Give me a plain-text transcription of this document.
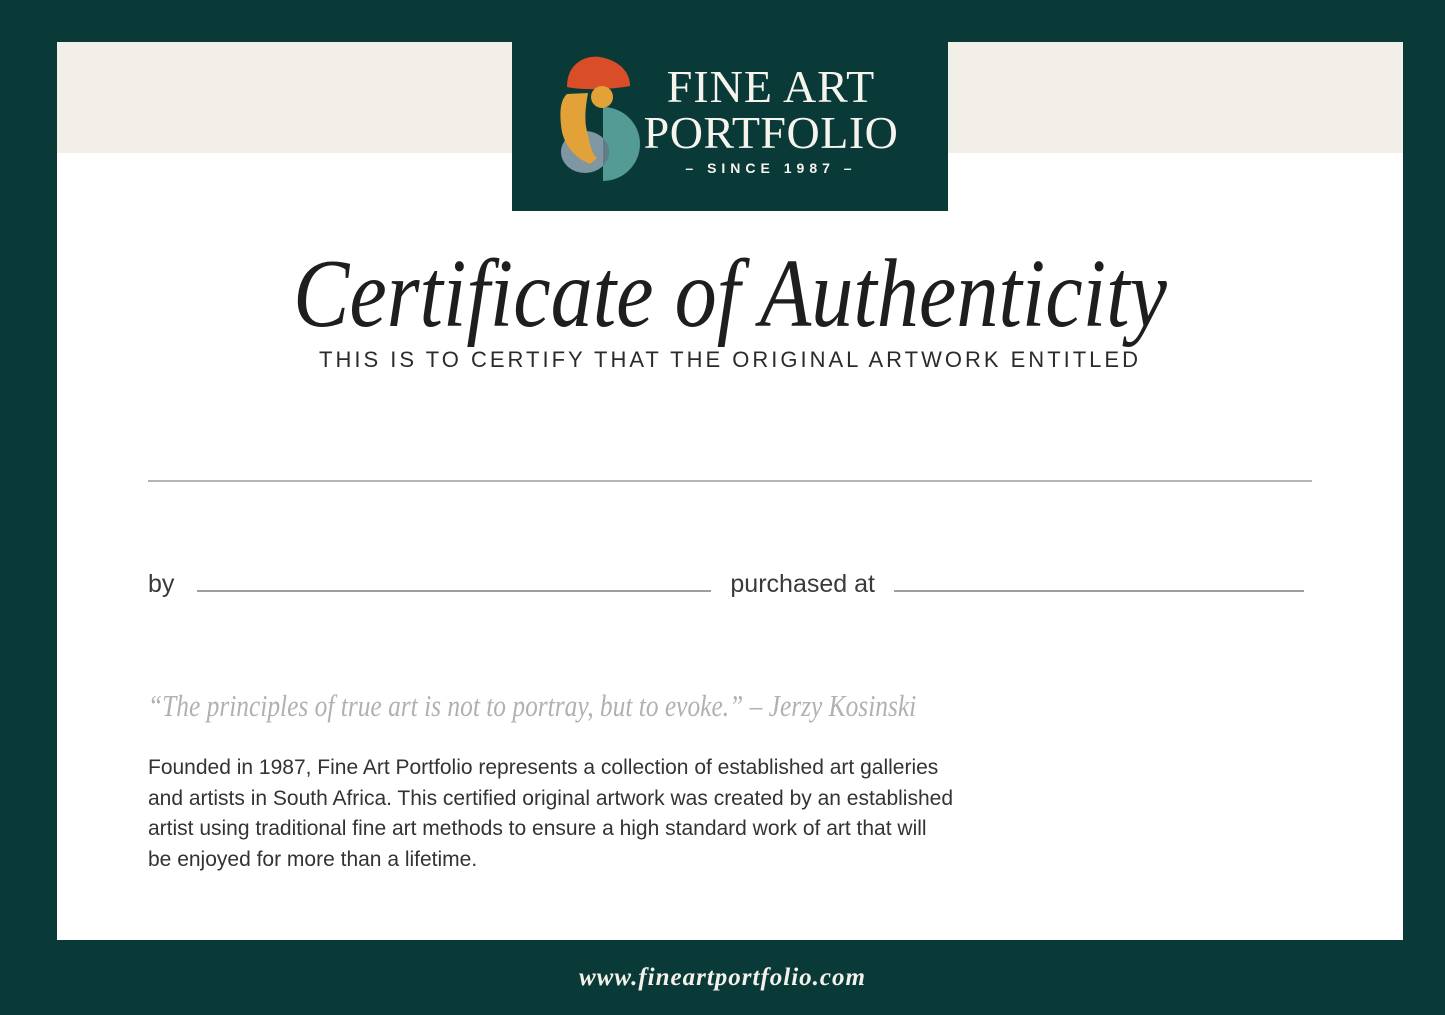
FINE ART
PORTFOLIO
– SINCE 1987 –
Certificate of Authenticity
THIS IS TO CERTIFY THAT THE ORIGINAL ARTWORK ENTITLED
by	purchased at
“The principles of true art is not to portray, but to evoke.” – Jerzy Kosinski
Founded in 1987, Fine Art Portfolio represents a collection of established art galleries
and artists in South Africa. This certified original artwork was created by an established
artist using traditional fine art methods to ensure a high standard work of art that will
be enjoyed for more than a lifetime.
www.fineartportfolio.com
